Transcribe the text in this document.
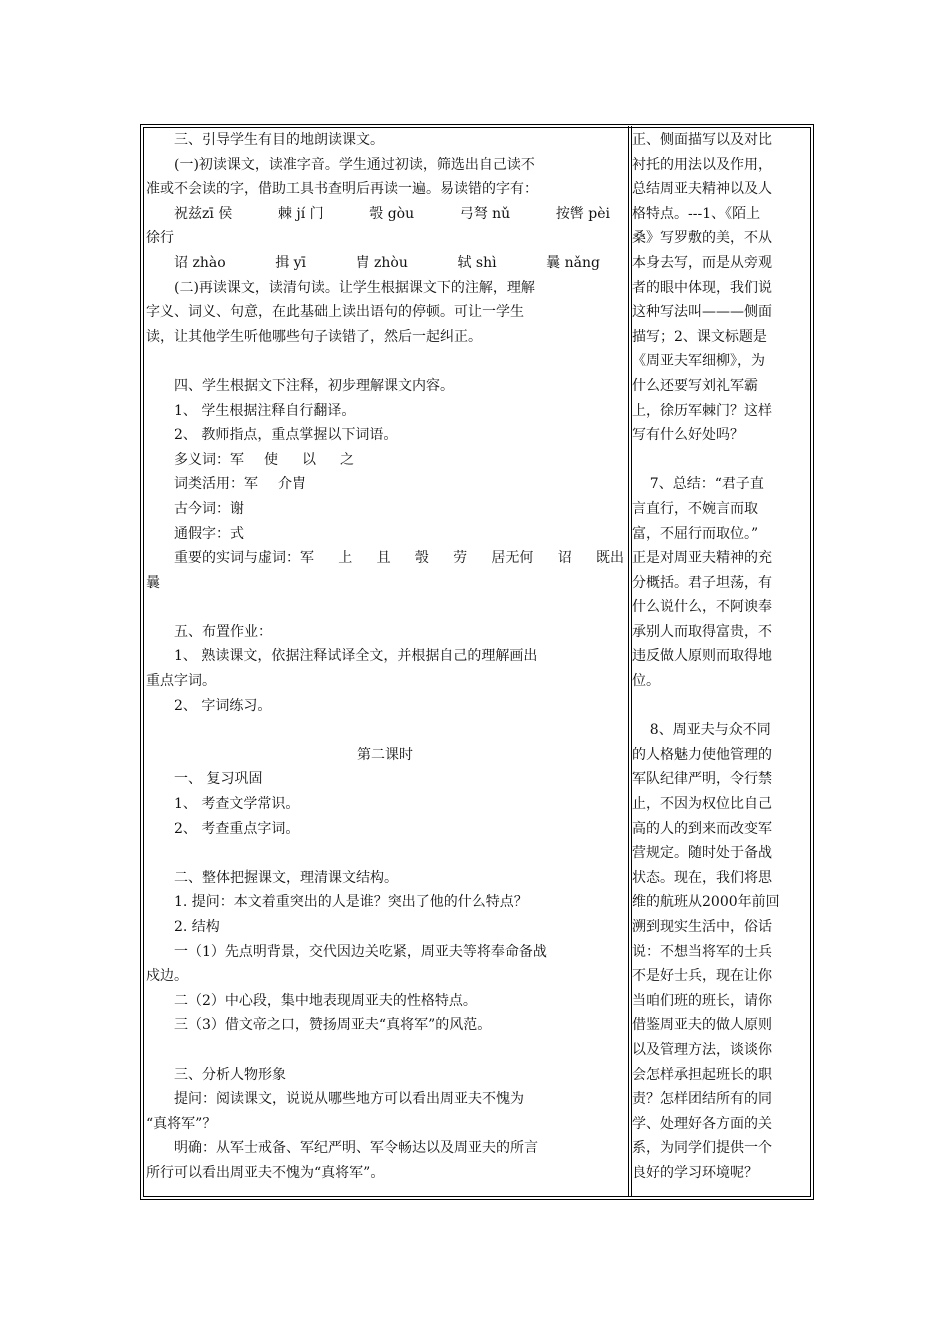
三、引导学生有目的地朗读课文。
(一)初读课文，读准字音。学生通过初读，筛选出自己读不
准或不会读的字，借助工具书查明后再读一遍。易读错的字有：
祝兹zī 侯	棘 jí 门	彀 gòu	弓弩 nǔ	按辔 pèi
徐行
诏 zhào	揖 yī	胄 zhòu	轼 shì	曩 nǎng
(二)再读课文，读清句读。让学生根据课文下的注解，理解
字义、词义、句意，在此基础上读出语句的停顿。可让一学生
读，让其他学生听他哪些句子读错了，然后一起纠正。
四、学生根据文下注释，初步理解课文内容。
1、 学生根据注释自行翻译。
2、 教师指点，重点掌握以下词语。
多义词：军 使 以 之
词类活用：军 介胄
古今词：谢
通假字：式
重要的实词与虚词：军 上 且 彀 劳 居无何 诏 既出
曩
五、布置作业：
1、 熟读课文，依据注释试译全文，并根据自己的理解画出
重点字词。
2、 字词练习。
第二课时
一、 复习巩固
1、 考查文学常识。
2、 考查重点字词。
二、整体把握课文，理清课文结构。
1. 提问：本文着重突出的人是谁？突出了他的什么特点？
2. 结构
一（1）先点明背景，交代因边关吃紧，周亚夫等将奉命备战
戍边。
二（2）中心段，集中地表现周亚夫的性格特点。
三（3）借文帝之口，赞扬周亚夫“真将军”的风范。
三、分析人物形象
提问：阅读课文，说说从哪些地方可以看出周亚夫不愧为
“真将军”？
明确：从军士戒备、军纪严明、军令畅达以及周亚夫的所言
所行可以看出周亚夫不愧为“真将军”。
正、侧面描写以及对比
衬托的用法以及作用，
总结周亚夫精神以及人
格特点。---1、《陌上
桑》写罗敷的美，不从
本身去写，而是从旁观
者的眼中体现，我们说
这种写法叫———侧面
描写；2、课文标题是
《周亚夫军细柳》，为
什么还要写刘礼军霸
上，徐历军棘门？这样
写有什么好处吗？
7、总结：“君子直
言直行，不婉言而取
富，不屈行而取位。”
正是对周亚夫精神的充
分概括。君子坦荡，有
什么说什么，不阿谀奉
承别人而取得富贵，不
违反做人原则而取得地
位。
8、周亚夫与众不同
的人格魅力使他管理的
军队纪律严明，令行禁
止，不因为权位比自己
高的人的到来而改变军
营规定。随时处于备战
状态。现在，我们将思
维的航班从2000年前回
溯到现实生活中，俗话
说：不想当将军的士兵
不是好士兵，现在让你
当咱们班的班长，请你
借鉴周亚夫的做人原则
以及管理方法，谈谈你
会怎样承担起班长的职
责？怎样团结所有的同
学、处理好各方面的关
系，为同学们提供一个
良好的学习环境呢？
